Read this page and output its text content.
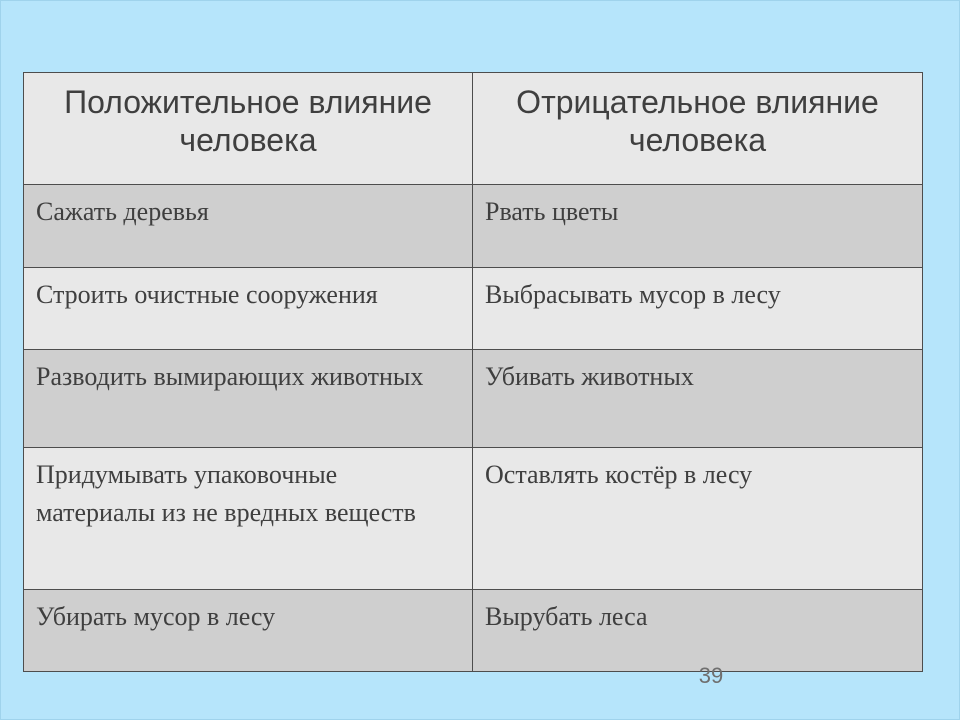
Положительное влияние человека	Отрицательное влияние человека

Сажать деревья	Рвать цветы

Строить очистные сооружения	Выбрасывать мусор в лесу

Разводить вымирающих животных	Убивать животных

Придумывать упаковочные материалы из не вредных веществ	Оставлять костёр в лесу

Убирать мусор в лесу	Вырубать леса
39
